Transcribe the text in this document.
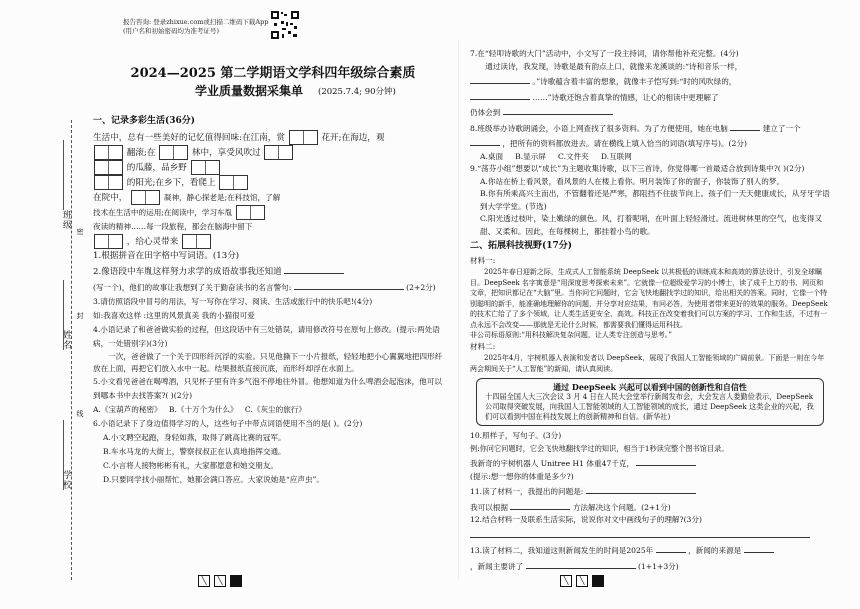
班级
姓名
学校
密
封
线
报告咨询: 登录zhixue.com或扫描二维码下载App
(用户名和初始密码均为准考证号)
2024—2025 第二学期语文学科四年级综合素质
学业质量数据采集单 (2025.7.4; 90分钟)
一、记录多彩生活(36分)

生活中，总有一些美好的记忆值得回味:在江南，赏	花开;在海边，观

翻滚;在	林中，享受风吹过

的瓜藤，品乡野

的阳光;在乡下，看爬上

在院中，	凝神，静心探老是;在科技馆，了解

技术在生活中的运用;在阅读中，学习车胤

夜读的精神……每一段旅程，都会在脑海中留下

，给心灵带来

1.根据拼音在田字格中写词语。(13分)

2.像语段中车胤这样努力求学的成语故事我还知道

(写一个)，他们的故事让我想到了关于勤奋读书的名言警句:	(2+2分)

3.请仿照语段中冒号的用法，写一写你在学习、阅读、生活或旅行中的快乐吧!(4分)

如:我喜欢这样 :这里的风景真美 我的小猫很可爱

4.小语记录了和爸爸做实验的过程，但这段话中有三处错误，请用修改符号在原句上修改。(提示:两处语病，一处错别字)(3分)

一次，爸爸做了一个关于四形纤沉浮的实验。只见他撕下一小片报纸，轻轻地把小心翼翼地把四形纤放在上面，再把它们放入水中一起。结果报纸直接沉底，而形纤却浮在水面上。

5.小文看见爸爸在喝啤酒，只见杯子里有许多气泡不停地往外冒。他想知道为什么啤酒会起泡沫，他可以到哪本书中去找答案?( )(2分)

A.《宝葫芦的秘密》 B.《十万个为什么》 C.《灰尘的旅行》

6.小语记录下了身边值得学习的人，这些句子中带点词语使用不当的是( )。(2分)

A.小文聘空起跑，身轻如燕，取得了跳高比赛的冠军。

B.车水马龙的大街上，警察叔叔正在认真地指挥交通。

C.小言将人接物彬彬有礼，大家都愿意和她交朋友。

D.只要同学找小丽帮忙，她都会满口答应。大家说她是“应声虫”。

7.在“轻叩诗歌的大门”活动中，小文写了一段主持词，请你帮他补充完整。(4分)

通过读诗，我发现，诗歌是最有韵点上口，就像来龙溪谈的:“诗和音乐一样，

。”诗歌蕴含着丰富的想象，就像丰子恺写到:“时的风吹绿的，

……”诗歌还饱含着真挚的情感，让心的相读中更理解了

仍体会到

8.班级举办诗歌朗诵会，小语上网查找了很多资料。为了方便使用，她在电脑	建立了一个

，把所有的资料都放进去。请在横线上填入恰当的词语(填写序号)。(2分)

A.桌面 B.显示屏 C.文件夹 D.互联网

9.“荡芬小组”想要以“成长”为主题收集诗歌，以下三首诗，你觉得哪一首最适合放到诗集中?( )(2分)

A.你站在桥上看风景，看风景的人在楼上看你。明月装饰了你的窗子，你装饰了别人的梦。

B.你有所乘高兴主而出，不管翻着还是严寒，都阻挡不住拔节向上。孩子们一天天健康成长，从牙牙学语到大学学堂。(节选)

C.阳光透过枝叶，染上嫩绿的颜色。风，打着呢哨，在叶面上轻轻滑过。流进树林里的空气，也变得又甜、又柔和。因此，在每棵树上，都挂着小鸟的歌。

二、拓展科技视野(17分)

材料一:

2025年春日迎新之际，生成式人工智能系统 DeepSeek 以其极低的训练成本和高效的算法设计，引发全球瞩目。DeepSeek 名字寓意是“用深度思考探索未来”。它就像一位超级爱学习的小博士，读了成千上万的书、网页和文章，把知识都记在“大脑”里。当你问它问题时，它会飞快地翻找学过的知识，给出相关的答案。同时，它像一个特别聪明的新手，能准确地理解你的问题，并分享对应结果，有问必答，为使用者带来更好的效果的服务。DeepSeek 的技术亡给了了多个领域，让人类生活更安全、高效。科技正在改变着我们可以方案的学习、工作和生活，不过有一点永远不会改变——那就是无论什么时候，都需要我们懂得运用科技。

非公司标语原则:“用科技解决复杂问题，让人类专注创造与思考。”

材料二:

2025年4月，宇树机器人表演和发者以 DeepSeek，展现了我国人工智能领域的广阔前景。下面是一则在今年两会期间关于“人工智能”的新闻，请认真阅读。

通过 DeepSeek 兴起可以看到中国的创新性和自信性
十四届全国人大三次会议 3 月 4 日在人民大会堂举行新闻发布会，大会发言人娄勤俭表示，DeepSeek 公司取得突破发展，向我国人工智能领域的人工智能领域的成长，通过 DeepSeek 这类企业的兴起，我们可以看到中国在科技发展上的创新精神和自信。(新华社)

10.照样子，写句子。(3分)

例:你问它问题时，它会飞快地翻找学过的知识，相当于1秒读完整个图书馆目录。

我新奇的宇树机器人 Unitree H1 体重47千克，

(提示:想一想你的体重是多少?)

11.读了材料一，我提出的问题是:

我可以根据	方法解决这个问题。(2+1分)

12.结合材料一及联系生活实际，说说你对文中画线句子的理解?(3分)

13.读了材料二，我知道这则新闻发生的时间是2025年	，新闻的来源是

，新闻主要讲了	(1+1+3分)

╲	╲	╲	╲
